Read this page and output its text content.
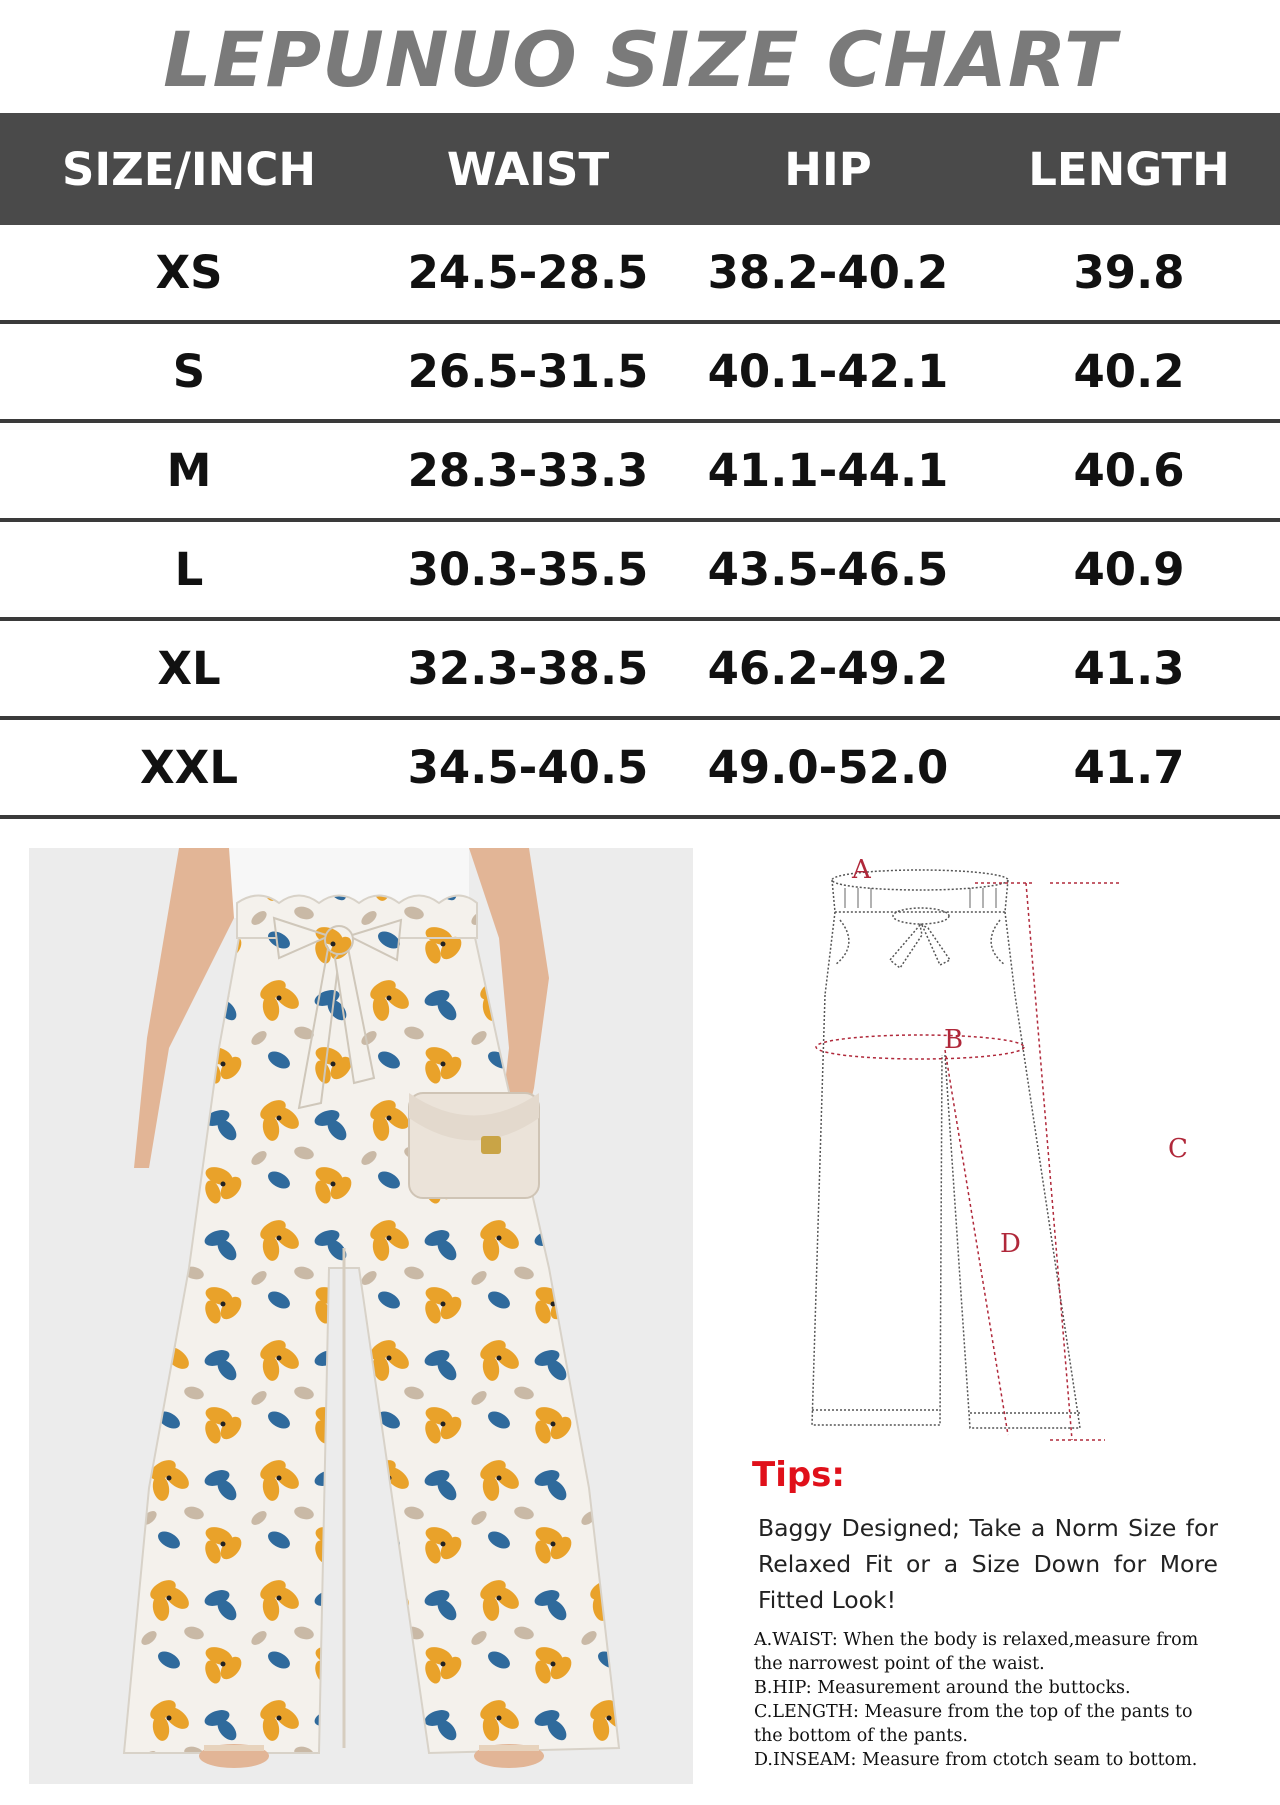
LEPUNUO SIZE CHART
SIZE/INCH	WAIST	HIP	LENGTH
XS	24.5-28.5	38.2-40.2	39.8
S	26.5-31.5	40.1-42.1	40.2
M	28.3-33.3	41.1-44.1	40.6
L	30.3-35.5	43.5-46.5	40.9
XL	32.3-38.5	46.2-49.2	41.3
XXL	34.5-40.5	49.0-52.0	41.7
A
B
C
D
Tips:
Baggy Designed; Take a Norm Size for Relaxed Fit or a Size Down for More Fitted Look!
A.WAIST: When the body is relaxed,measure from
the narrowest point of the waist.
B.HIP: Measurement around the buttocks.
C.LENGTH: Measure from the top of the pants to
the bottom of the pants.
D.INSEAM: Measure from ctotch seam to bottom.
